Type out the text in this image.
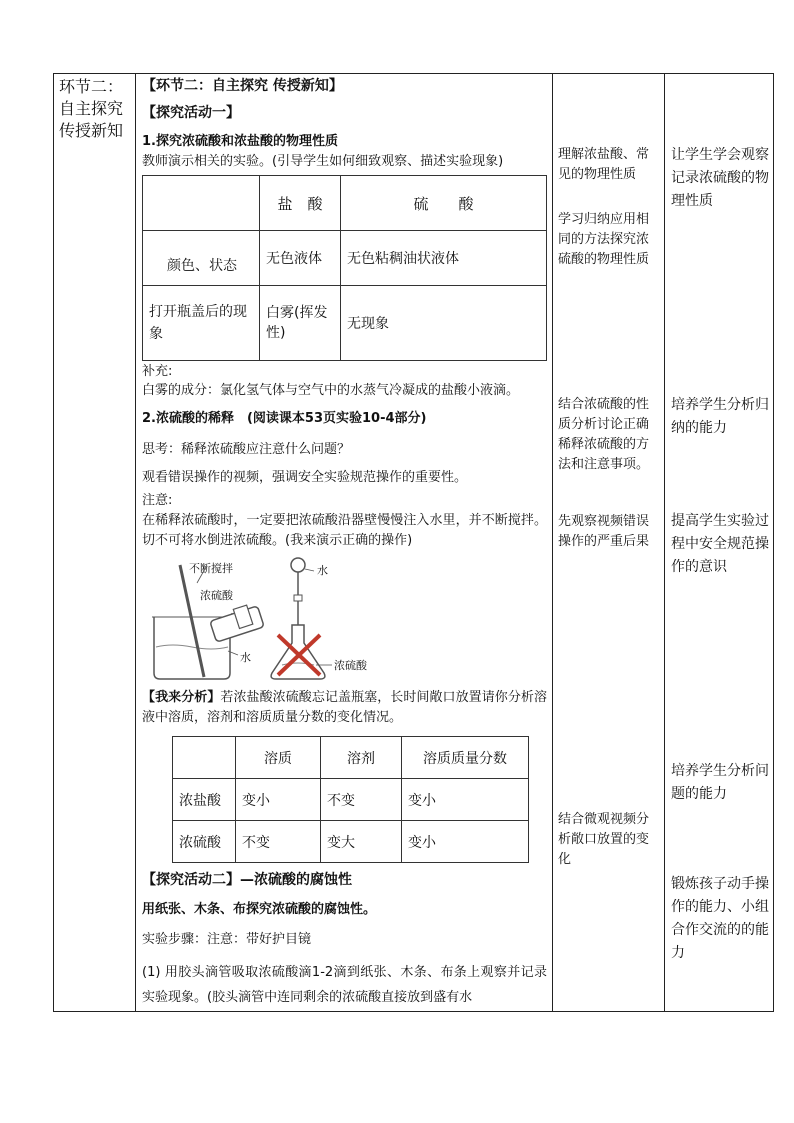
环节二：
自主探究
传授新知
【环节二：自主探究 传授新知】
【探究活动一】
1.探究浓硫酸和浓盐酸的物理性质
教师演示相关的实验。(引导学生如何细致观察、描述实验现象)
	盐　酸	硫　　酸
颜色、状态	无色液体	无色粘稠油状液体
打开瓶盖后的现象	白雾(挥发性)	无现象
补充:
白雾的成分：氯化氢气体与空气中的水蒸气冷凝成的盐酸小液滴。
2.浓硫酸的稀释　(阅读课本53页实验10-4部分)
思考：稀释浓硫酸应注意什么问题？
观看错误操作的视频，强调安全实验规范操作的重要性。
注意:
在稀释浓硫酸时，一定要把浓硫酸沿器壁慢慢注入水里，并不断搅拌。切不可将水倒进浓硫酸。(我来演示正确的操作)
不断搅拌
浓硫酸
水
水
浓硫酸
【我来分析】若浓盐酸浓硫酸忘记盖瓶塞，长时间敞口放置请你分析溶液中溶质，溶剂和溶质质量分数的变化情况。
	溶质	溶剂	溶质质量分数
浓盐酸	变小	不变	变小
浓硫酸	不变	变大	变小
【探究活动二】—浓硫酸的腐蚀性
用纸张、木条、布探究浓硫酸的腐蚀性。
实验步骤：注意：带好护目镜
(1) 用胶头滴管吸取浓硫酸滴1-2滴到纸张、木条、布条上观察并记录实验现象。(胶头滴管中连同剩余的浓硫酸直接放到盛有水
理解浓盐酸、常见的物理性质
学习归纳应用相同的方法探究浓硫酸的物理性质
结合浓硫酸的性质分析讨论正确稀释浓硫酸的方法和注意事项。
先观察视频错误操作的严重后果
结合微观视频分析敞口放置的变化
让学生学会观察记录浓硫酸的物理性质
培养学生分析归纳的能力
提高学生实验过程中安全规范操作的意识
培养学生分析问题的能力
锻炼孩子动手操作的能力、小组合作交流的的能力
